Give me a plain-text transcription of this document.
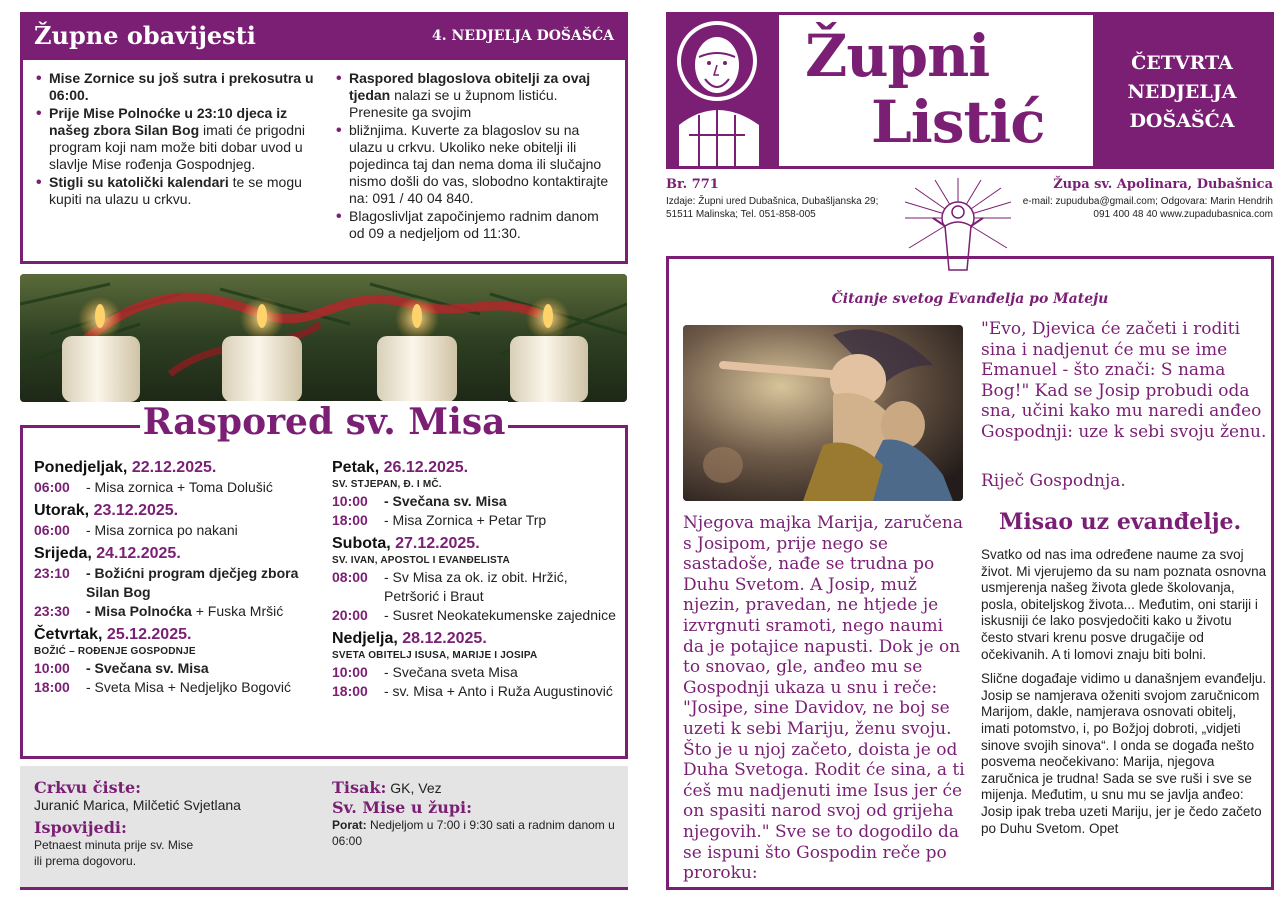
Župne obavijesti	4. NEDJELJA DOŠAŠĆA
• Mise Zornice su još sutra i prekosutra u 06:00.
• Prije Mise Polnoćke u 23:10 djeca iz našeg zbora Silan Bog imati će prigodni program koji nam može biti dobar uvod u slavlje Mise rođenja Gospodnjeg.
• Stigli su katolički kalendari te se mogu kupiti na ulazu u crkvu.
• Raspored blagoslova obitelji za ovaj tjedan nalazi se u župnom listiću. Prenesite ga svojim
• bližnjima. Kuverte za blagoslov su na ulazu u crkvu. Ukoliko neke obitelji ili pojedinca taj dan nema doma ili slučajno nismo došli do vas, slobodno kontaktirajte na: 091 / 40 04 840.
• Blagoslivljat započinjemo radnim danom od 09 a nedjeljom od 11:30.
Raspored sv. Misa
Ponedjeljak, 22.12.2025.
06:00	- Misa zornica + Toma Dolušić
Utorak, 23.12.2025.
06:00	- Misa zornica po nakani
Srijeda, 24.12.2025.
23:10	- Božićni program dječjeg zbora Silan Bog
23:30	- Misa Polnoćka + Fuska Mršić
Četvrtak, 25.12.2025.
BOŽIĆ – ROĐENJE GOSPODNJE
10:00	- Svečana sv. Misa
18:00	- Sveta Misa + Nedjeljko Bogović
Petak, 26.12.2025.
SV. STJEPAN, Đ. I MČ.
10:00	- Svečana sv. Misa
18:00	- Misa Zornica + Petar Trp
Subota, 27.12.2025.
SV. IVAN, APOSTOL I EVANĐELISTA
08:00	- Sv Misa za ok. iz obit. Hržić, Petršorić i Braut
20:00	- Susret Neokatekumenske zajednice
Nedjelja, 28.12.2025.
SVETA OBITELJ ISUSA, MARIJE I JOSIPA
10:00	- Svečana sveta Misa
18:00	- sv. Misa + Anto i Ruža Augustinović
Crkvu čiste:
Juranić Marica, Milčetić Svjetlana
Ispovijedi:
Petnaest minuta prije sv. Mise
ili prema dogovoru.
Tisak: GK, Vez
Sv. Mise u župi:
Porat: Nedjeljom u 7:00 i 9:30 sati a radnim danom u 06:00
Župni
Listić
ČETVRTA
NEDJELJA
DOŠAŠĆA
Br. 771
Izdaje: Župni ured Dubašnica, Dubašljanska 29; 51511 Malinska; Tel. 051-858-005
Župa sv. Apolinara, Dubašnica
e-mail: zupuduba@gmail.com; Odgovara: Marin Hendrih 091 400 48 40 www.zupadubasnica.com
Čitanje svetog Evanđelja po Mateju
"Evo, Djevica će začeti i roditi sina i nadjenut će mu se ime Emanuel - što znači: S nama Bog!" Kad se Josip probudi oda sna, učini kako mu naredi anđeo Gospodnji: uze k sebi svoju ženu.
Riječ Gospodnja.
Njegova majka Marija, zaručena s Josipom, prije nego se sastadoše, nađe se trudna po Duhu Svetom. A Josip, muž njezin, pravedan, ne htjede je izvrgnuti sramoti, nego naumi da je potajice napusti. Dok je on to snovao, gle, anđeo mu se Gospodnji ukaza u snu i reče: "Josipe, sine Davidov, ne boj se uzeti k sebi Mariju, ženu svoju. Što je u njoj začeto, doista je od Duha Svetoga. Rodit će sina, a ti ćeš mu nadjenuti ime Isus jer će on spasiti narod svoj od grijeha njegovih." Sve se to dogodilo da se ispuni što Gospodin reče po proroku:
Misao uz evanđelje.

Svatko od nas ima određene naume za svoj život. Mi vjerujemo da su nam poznata osnovna usmjerenja našeg života glede školovanja, posla, obiteljskog života... Međutim, oni stariji i iskusniji će lako posvjedočiti kako u životu često stvari krenu posve drugačije od očekivanih. A ti lomovi znaju biti bolni.

Slične događaje vidimo u današnjem evanđelju. Josip se namjerava oženiti svojom zaručnicom Marijom, dakle, namjerava osnovati obitelj, imati potomstvo, i, po Božjoj dobroti, „vidjeti sinove svojih sinova“. I onda se događa nešto posvema neočekivano: Marija, njegova zaručnica je trudna! Sada se sve ruši i sve se mijenja. Međutim, u snu mu se javlja anđeo: Josip ipak treba uzeti Mariju, jer je čedo začeto po Duhu Svetom. Opet
